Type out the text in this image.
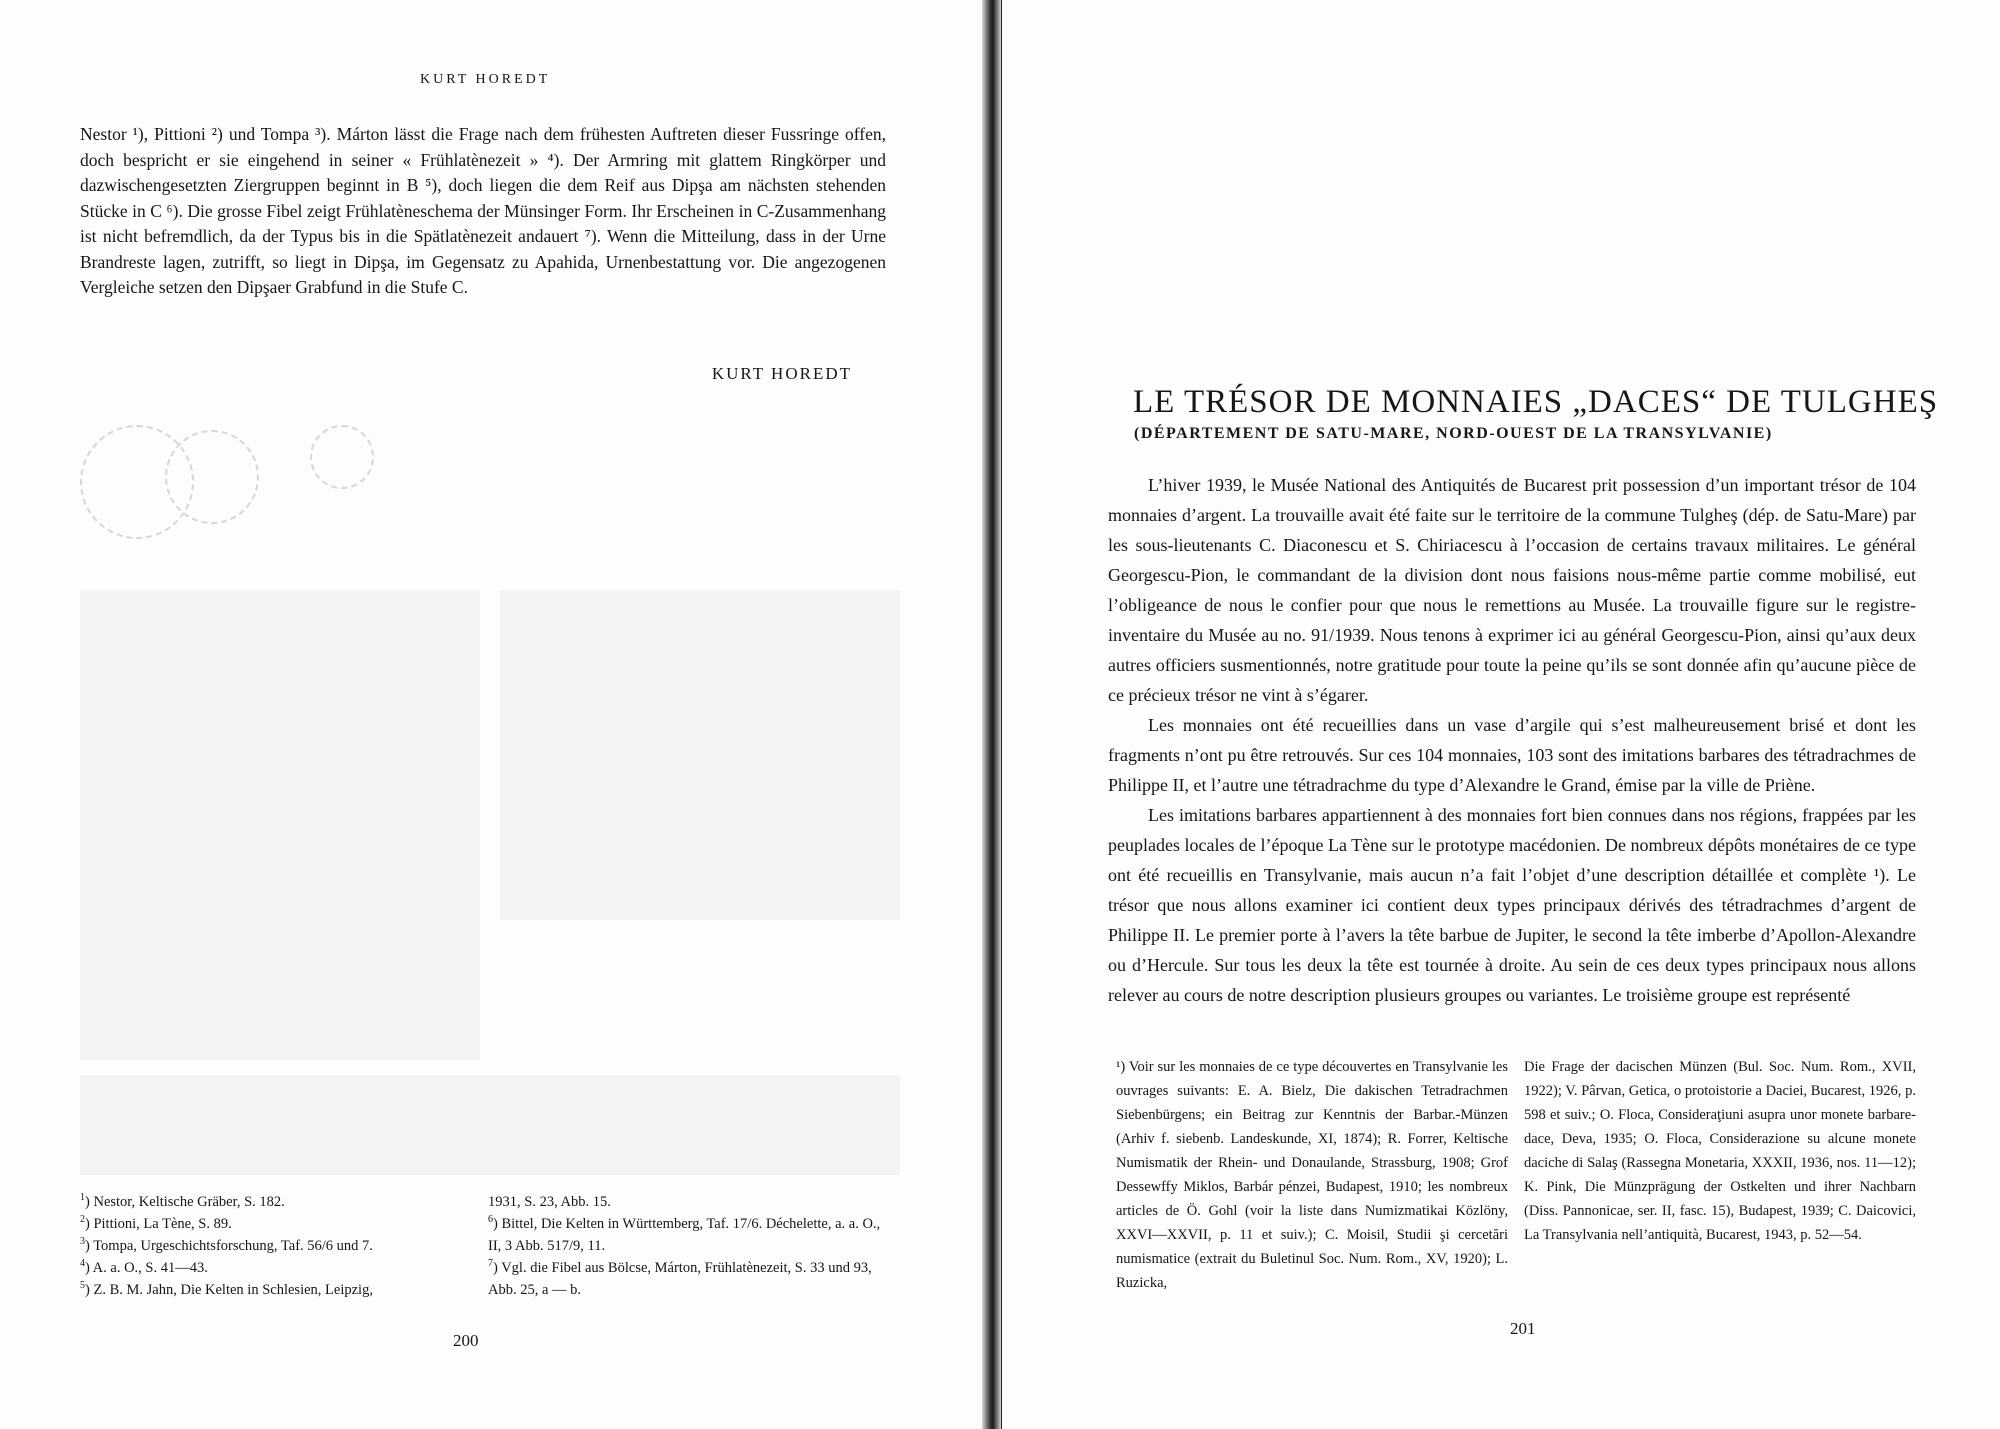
KURT HOREDT

Nestor ¹), Pittioni ²) und Tompa ³). Márton lässt die Frage nach dem frühesten Auftreten dieser Fussringe offen, doch bespricht er sie eingehend in seiner « Frühlatènezeit » ⁴). Der Armring mit glattem Ringkörper und dazwischengesetzten Ziergruppen beginnt in B ⁵), doch liegen die dem Reif aus Dipşa am nächsten stehenden Stücke in C ⁶). Die grosse Fibel zeigt Frühlatèneschema der Münsinger Form. Ihr Erscheinen in C-Zusammenhang ist nicht befremdlich, da der Typus bis in die Spätlatènezeit andauert ⁷). Wenn die Mitteilung, dass in der Urne Brandreste lagen, zutrifft, so liegt in Dipşa, im Gegensatz zu Apahida, Urnenbestattung vor. Die angezogenen Vergleiche setzen den Dipşaer Grabfund in die Stufe C.

KURT HOREDT

$^1$) Nestor, Keltische Gräber, S. 182.

$^2$) Pittioni, La Tène, S. 89.

$^3$) Tompa, Urgeschichtsforschung, Taf. 56/6 und 7.

$^4$) A. a. O., S. 41—43.

$^5$) Z. B. M. Jahn, Die Kelten in Schlesien, Leipzig,

1931, S. 23, Abb. 15.

$^6$) Bittel, Die Kelten in Württemberg, Taf. 17/6. Déchelette, a. a. O., II, 3 Abb. 517/9, 11.

$^7$) Vgl. die Fibel aus Bölcse, Márton, Frühlatènezeit, S. 33 und 93, Abb. 25, a — b.

200
LE TRÉSOR DE MONNAIES „DACES“ DE TULGHEŞ
(DÉPARTEMENT DE SATU-MARE, NORD-OUEST DE LA TRANSYLVANIE)

L’hiver 1939, le Musée National des Antiquités de Bucarest prit possession d’un important trésor de 104 monnaies d’argent. La trouvaille avait été faite sur le territoire de la commune Tulgheş (dép. de Satu-Mare) par les sous-lieutenants C. Diaconescu et S. Chiriacescu à l’occasion de certains travaux militaires. Le général Georgescu-Pion, le commandant de la division dont nous faisions nous-même partie comme mobilisé, eut l’obligeance de nous le confier pour que nous le remettions au Musée. La trouvaille figure sur le registre-inventaire du Musée au no. 91/1939. Nous tenons à exprimer ici au général Georgescu-Pion, ainsi qu’aux deux autres officiers susmentionnés, notre gratitude pour toute la peine qu’ils se sont donnée afin qu’aucune pièce de ce précieux trésor ne vint à s’égarer.

Les monnaies ont été recueillies dans un vase d’argile qui s’est malheureusement brisé et dont les fragments n’ont pu être retrouvés. Sur ces 104 monnaies, 103 sont des imitations barbares des tétradrachmes de Philippe II, et l’autre une tétradrachme du type d’Alexandre le Grand, émise par la ville de Priène.

Les imitations barbares appartiennent à des monnaies fort bien connues dans nos régions, frappées par les peuplades locales de l’époque La Tène sur le prototype macédonien. De nombreux dépôts monétaires de ce type ont été recueillis en Transylvanie, mais aucun n’a fait l’objet d’une description détaillée et complète ¹). Le trésor que nous allons examiner ici contient deux types principaux dérivés des tétradrachmes d’argent de Philippe II. Le premier porte à l’avers la tête barbue de Jupiter, le second la tête imberbe d’Apollon-Alexandre ou d’Hercule. Sur tous les deux la tête est tournée à droite. Au sein de ces deux types principaux nous allons relever au cours de notre description plusieurs groupes ou variantes. Le troisième groupe est représenté

¹) Voir sur les monnaies de ce type découvertes en Transylvanie les ouvrages suivants: E. A. Bielz, Die dakischen Tetradrachmen Siebenbürgens; ein Beitrag zur Kenntnis der Barbar.-Münzen (Arhiv f. siebenb. Landeskunde, XI, 1874); R. Forrer, Keltische Numismatik der Rhein- und Donaulande, Strassburg, 1908; Grof Dessewffy Miklos, Barbár pénzei, Budapest, 1910; les nombreux articles de Ö. Gohl (voir la liste dans Numizmatikai Közlöny, XXVI—XXVII, p. 11 et suiv.); C. Moisil, Studii şi cercetări numismatice (extrait du Buletinul Soc. Num. Rom., XV, 1920); L. Ruzicka,

Die Frage der dacischen Münzen (Bul. Soc. Num. Rom., XVII, 1922); V. Pârvan, Getica, o protoistorie a Daciei, Bucarest, 1926, p. 598 et suiv.; O. Floca, Consideraţiuni asupra unor monete barbare-dace, Deva, 1935; O. Floca, Considerazione su alcune monete daciche di Salaş (Rassegna Monetaria, XXXII, 1936, nos. 11—12); K. Pink, Die Münzprägung der Ostkelten und ihrer Nachbarn (Diss. Pannonicae, ser. II, fasc. 15), Budapest, 1939; C. Daicovici, La Transylvania nell’antiquità, Bucarest, 1943, p. 52—54.

201
